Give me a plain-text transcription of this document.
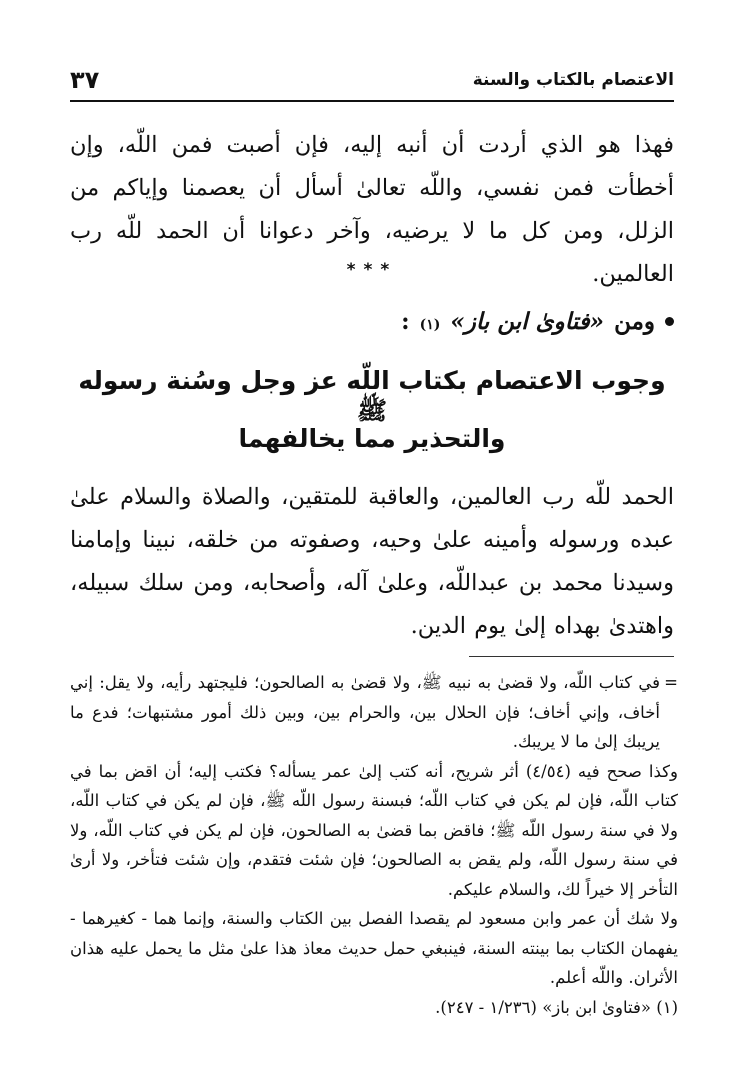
الاعتصام بالكتاب والسنة
٣٧
فهذا هو الذي أردت أن أنبه إليه، فإن أصبت فمن اللّه، وإن أخطأت فمن نفسي، واللّه تعالىٰ أسأل أن يعصمنا وإياكم من الزلل، ومن كل ما لا يرضيه، وآخر دعوانا أن الحمد للّه رب العالمين.
***
ومن
«فتاوىٰ ابن باز»
(١)
:
وجوب الاعتصام بكتاب اللّه عز وجل وسُنة رسوله ﷺ
والتحذير مما يخالفهما
الحمد للّه رب العالمين، والعاقبة للمتقين، والصلاة والسلام علىٰ عبده ورسوله وأمينه علىٰ وحيه، وصفوته من خلقه، نبينا وإمامنا وسيدنا محمد بن عبداللّه، وعلىٰ آله، وأصحابه، ومن سلك سبيله، واهتدىٰ بهداه إلىٰ يوم الدين.

=
في كتاب اللّه، ولا قضىٰ به نبيه ﷺ، ولا قضىٰ به الصالحون؛ فليجتهد رأيه، ولا يقل: إني أخاف، وإني أخاف؛ فإن الحلال بين، والحرام بين، وبين ذلك أمور مشتبهات؛ فدع ما يريبك إلىٰ ما لا يريبك.

وكذا صحح فيه (٤/٥٤) أثر شريح، أنه كتب إلىٰ عمر يسأله؟ فكتب إليه؛ أن اقض بما في كتاب اللّه، فإن لم يكن في كتاب اللّه؛ فبسنة رسول اللّه ﷺ، فإن لم يكن في كتاب اللّه، ولا في سنة رسول اللّه ﷺ؛ فاقض بما قضىٰ به الصالحون، فإن لم يكن في كتاب اللّه، ولا في سنة رسول اللّه، ولم يقض به الصالحون؛ فإن شئت فتقدم، وإن شئت فتأخر، ولا أرىٰ التأخر إلا خيراً لك، والسلام عليكم.

ولا شك أن عمر وابن مسعود لم يقصدا الفصل بين الكتاب والسنة، وإنما هما - كغيرهما - يفهمان الكتاب بما بينته السنة، فينبغي حمل حديث معاذ هذا علىٰ مثل ما يحمل عليه هذان الأثران. واللّه أعلم.

(١) «فتاوىٰ ابن باز» (١/٢٣٦ - ٢٤٧).
